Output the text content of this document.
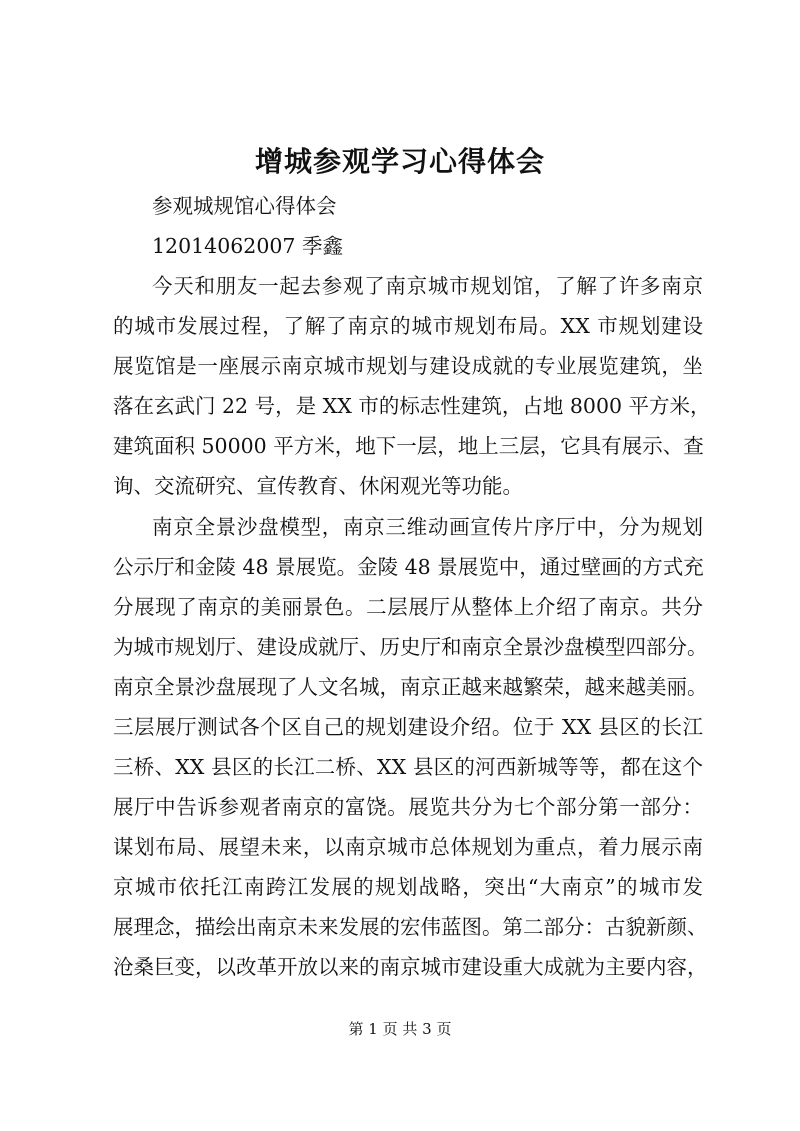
增城参观学习心得体会
参观城规馆心得体会
12014062007 季鑫
今天和朋友一起去参观了南京城市规划馆，了解了许多南京
的城市发展过程，了解了南京的城市规划布局。XX 市规划建设
展览馆是一座展示南京城市规划与建设成就的专业展览建筑，坐
落在玄武门 22 号，是 XX 市的标志性建筑，占地 8000 平方米，
建筑面积 50000 平方米，地下一层，地上三层，它具有展示、查
询、交流研究、宣传教育、休闲观光等功能。
南京全景沙盘模型，南京三维动画宣传片序厅中，分为规划
公示厅和金陵 48 景展览。金陵 48 景展览中，通过壁画的方式充
分展现了南京的美丽景色。二层展厅从整体上介绍了南京。共分
为城市规划厅、建设成就厅、历史厅和南京全景沙盘模型四部分。
南京全景沙盘展现了人文名城，南京正越来越繁荣，越来越美丽。
三层展厅测试各个区自己的规划建设介绍。位于 XX 县区的长江
三桥、XX 县区的长江二桥、XX 县区的河西新城等等，都在这个
展厅中告诉参观者南京的富饶。展览共分为七个部分第一部分：
谋划布局、展望未来，以南京城市总体规划为重点，着力展示南
京城市依托江南跨江发展的规划战略，突出“大南京”的城市发
展理念，描绘出南京未来发展的宏伟蓝图。第二部分：古貌新颜、
沧桑巨变，以改革开放以来的南京城市建设重大成就为主要内容，
第 1 页 共 3 页
